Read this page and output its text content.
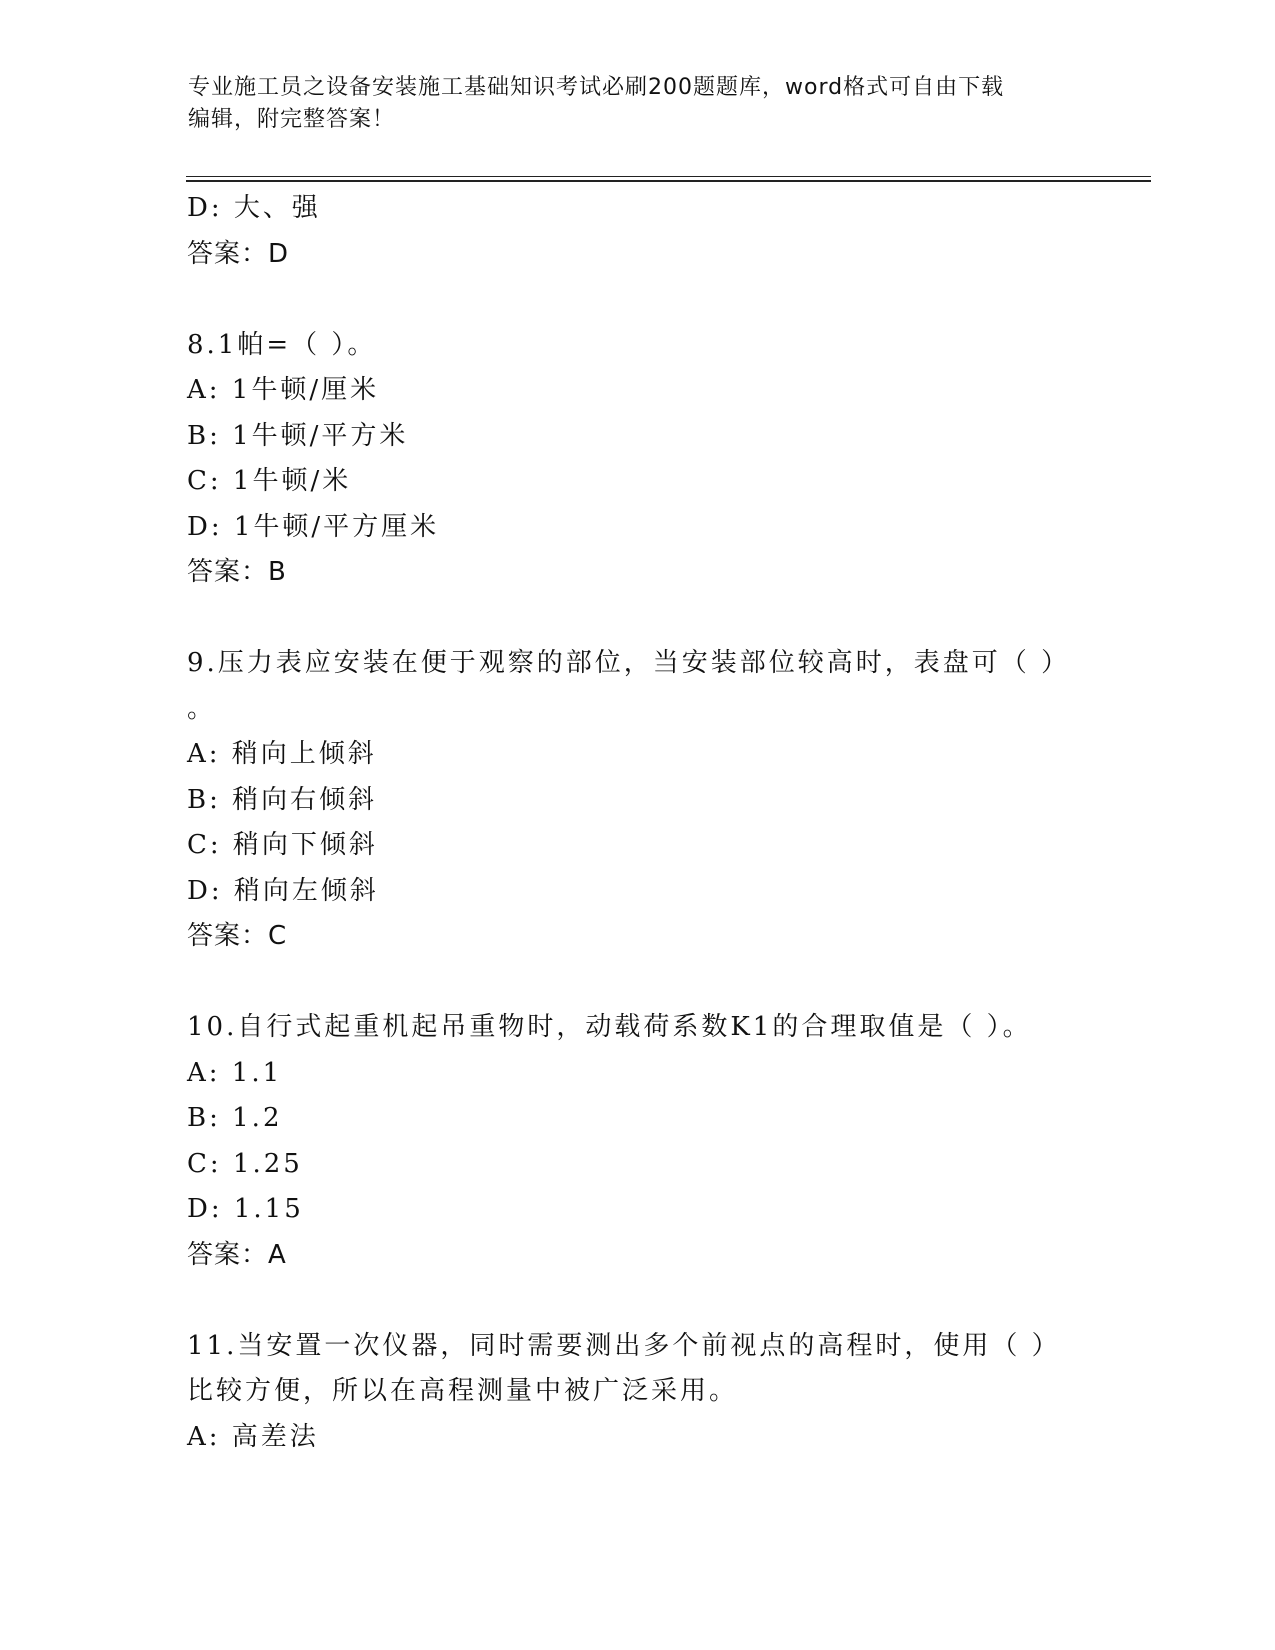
专业施工员之设备安装施工基础知识考试必刷200题题库，word格式可自由下载
编辑，附完整答案！
D: 大、强
答案：D
8.1帕=（ ）。
A: 1牛顿/厘米
B: 1牛顿/平方米
C: 1牛顿/米
D: 1牛顿/平方厘米
答案：B
9.压力表应安装在便于观察的部位，当安装部位较高时，表盘可（ ）
。
A: 稍向上倾斜
B: 稍向右倾斜
C: 稍向下倾斜
D: 稍向左倾斜
答案：C
10.自行式起重机起吊重物时，动载荷系数K1的合理取值是（ ）。
A: 1.1
B: 1.2
C: 1.25
D: 1.15
答案：A
11.当安置一次仪器，同时需要测出多个前视点的高程时，使用（ ）
比较方便，所以在高程测量中被广泛采用。
A: 高差法
